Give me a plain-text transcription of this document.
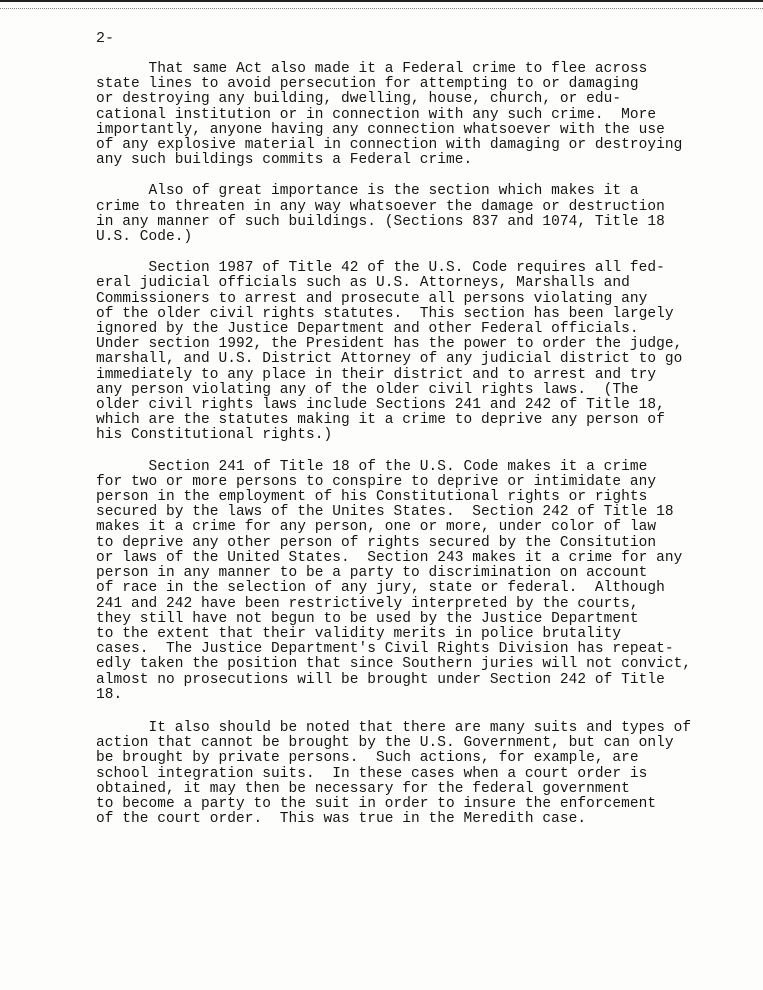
2-
That same Act also made it a Federal crime to flee across
state lines to avoid persecution for attempting to or damaging
or destroying any building, dwelling, house, church, or edu-
cational institution or in connection with any such crime.  More
importantly, anyone having any connection whatsoever with the use
of any explosive material in connection with damaging or destroying
any such buildings commits a Federal crime.
Also of great importance is the section which makes it a
crime to threaten in any way whatsoever the damage or destruction
in any manner of such buildings. (Sections 837 and 1074, Title 18
U.S. Code.)
Section 1987 of Title 42 of the U.S. Code requires all fed-
eral judicial officials such as U.S. Attorneys, Marshalls and
Commissioners to arrest and prosecute all persons violating any
of the older civil rights statutes.  This section has been largely
ignored by the Justice Department and other Federal officials.
Under section 1992, the President has the power to order the judge,
marshall, and U.S. District Attorney of any judicial district to go
immediately to any place in their district and to arrest and try
any person violating any of the older civil rights laws.  (The
older civil rights laws include Sections 241 and 242 of Title 18,
which are the statutes making it a crime to deprive any person of
his Constitutional rights.)
Section 241 of Title 18 of the U.S. Code makes it a crime
for two or more persons to conspire to deprive or intimidate any
person in the employment of his Constitutional rights or rights
secured by the laws of the Unites States.  Section 242 of Title 18
makes it a crime for any person, one or more, under color of law
to deprive any other person of rights secured by the Consitution
or laws of the United States.  Section 243 makes it a crime for any
person in any manner to be a party to discrimination on account
of race in the selection of any jury, state or federal.  Although
241 and 242 have been restrictively interpreted by the courts,
they still have not begun to be used by the Justice Department
to the extent that their validity merits in police brutality
cases.  The Justice Department's Civil Rights Division has repeat-
edly taken the position that since Southern juries will not convict,
almost no prosecutions will be brought under Section 242 of Title
18.
It also should be noted that there are many suits and types of
action that cannot be brought by the U.S. Government, but can only
be brought by private persons.  Such actions, for example, are
school integration suits.  In these cases when a court order is
obtained, it may then be necessary for the federal government
to become a party to the suit in order to insure the enforcement
of the court order.  This was true in the Meredith case.
